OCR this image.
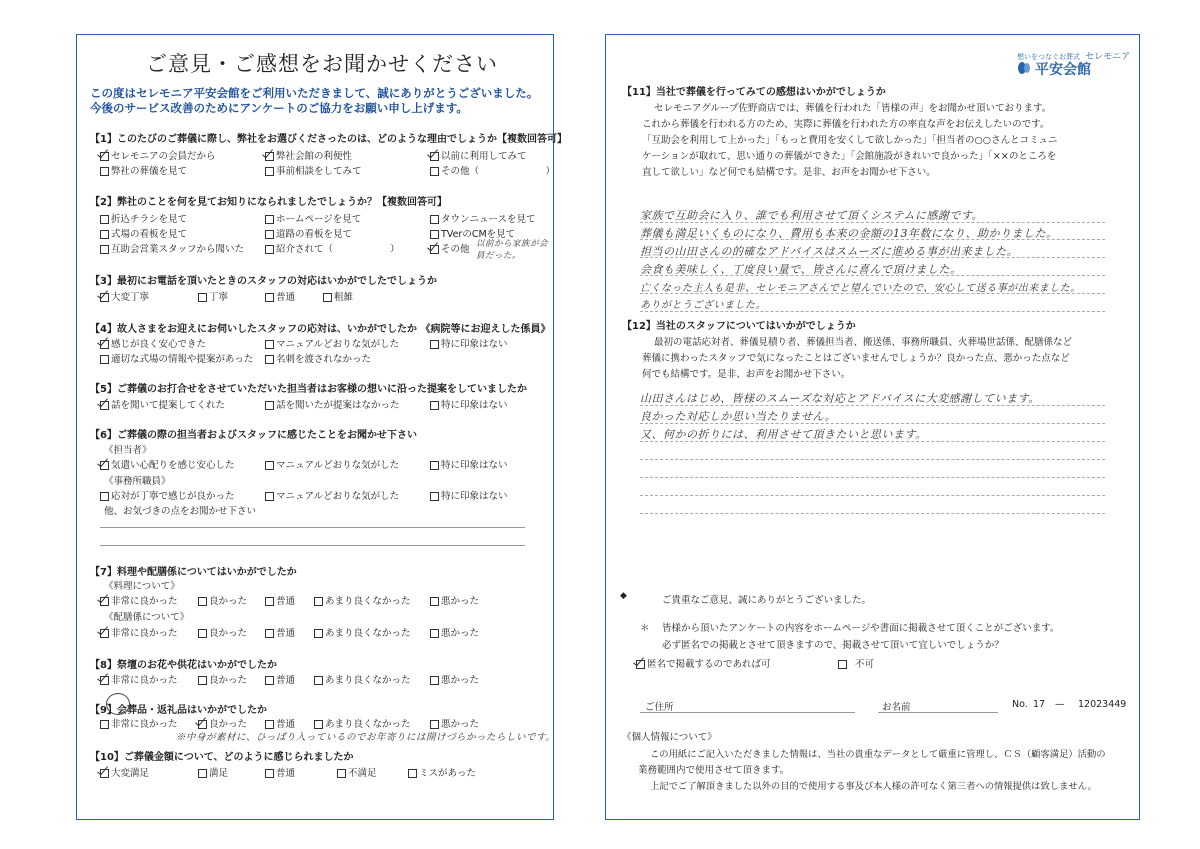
ご意見・ご感想をお聞かせください
この度はセレモニア平安会館をご利用いただきまして、誠にありがとうございました。
今後のサービス改善のためにアンケートのご協力をお願い申し上げます。
【1】このたびのご葬儀に際し、弊社をお選びくださったのは、どのような理由でしょうか【複数回答可】
セレモニアの会員だから	弊社会館の利便性	以前に利用してみて
弊社の葬儀を見て	事前相談をしてみて	その他（　　　　　　　）
【2】弊社のことを何を見てお知りになられましたでしょうか？【複数回答可】
折込チラシを見て	ホームページを見て	タウンニュースを見て
式場の看板を見て	道路の看板を見て	TVerのCMを見て
互助会営業スタッフから聞いた	紹介されて（　　　　　　）	その他 以前から家族が会員だった。
【3】最初にお電話を頂いたときのスタッフの対応はいかがでしたでしょうか
大変丁寧	丁寧	普通	粗雑
【4】故人さまをお迎えにお伺いしたスタッフの応対は、いかがでしたか 《病院等にお迎えした係員》
感じが良く安心できた	マニュアルどおりな気がした	特に印象はない
適切な式場の情報や提案があった	名刺を渡されなかった
【5】ご葬儀のお打合せをさせていただいた担当者はお客様の想いに沿った提案をしていましたか
話を聞いて提案してくれた	話を聞いたが提案はなかった	特に印象はない
【6】ご葬儀の際の担当者およびスタッフに感じたことをお聞かせ下さい
《担当者》
気遣い心配りを感じ安心した	マニュアルどおりな気がした	特に印象はない
《事務所職員》
応対が丁寧で感じが良かった	マニュアルどおりな気がした	特に印象はない
他、お気づきの点をお聞かせ下さい
【7】料理や配膳係についてはいかがでしたか
《料理について》
非常に良かった	良かった	普通	あまり良くなかった	悪かった
《配膳係について》
非常に良かった	良かった	普通	あまり良くなかった	悪かった
【8】祭壇のお花や供花はいかがでしたか
非常に良かった	良かった	普通	あまり良くなかった	悪かった
【9】会葬品・返礼品はいかがでしたか
非常に良かった	良かった	普通	あまり良くなかった	悪かった
※中身が素材に、ひっぱり入っているのでお年寄りには開けづらかったらしいです。
【10】ご葬儀金額について、どのように感じられましたか
大変満足	満足	普通	不満足	ミスがあった
想いをつなぐお葬式 セレモニア
平安会館
【11】当社で葬儀を行ってみての感想はいかがでしょうか
セレモニアグループ佐野商店では、葬儀を行われた「皆様の声」をお聞かせ頂いております。
これから葬儀を行われる方のため、実際に葬儀を行われた方の率直な声をお伝えしたいのです。
「互助会を利用して上かった」「もっと費用を安くして欲しかった」「担当者の○○さんとコミュニ
ケーションが取れて、思い通りの葬儀ができた」「会館施設がきれいで良かった」「××のところを
直して欲しい」など何でも結構です。是非、お声をお聞かせ下さい。
家族で互助会に入り、誰でも利用させて頂くシステムに感謝です。
葬儀も満足いくものになり、費用も本来の金額の13年数になり、助かりました。
担当の山田さんの的確なアドバイスはスムーズに進める事が出来ました。
会食も美味しく、丁度良い量で、皆さんに喜んで頂けました。
亡くなった主人も是非、セレモニアさんでと望んでいたので、安心して送る事が出来ました。
ありがとうございました。
【12】当社のスタッフについてはいかがでしょうか
最初の電話応対者、葬儀見積り者、葬儀担当者、搬送係、事務所職員、火葬場世話係、配膳係など
葬儀に携わったスタッフで気になったことはございませんでしょうか？良かった点、悪かった点など
何でも結構です。是非、お声をお聞かせ下さい。
山田さんはじめ、皆様のスムーズな対応とアドバイスに大変感謝しています。
良かった対応しか思い当たりません。
又、何かの折りには、利用させて頂きたいと思います。
◆	ご貴重なご意見、誠にありがとうございました。
＊ 皆様から頂いたアンケートの内容をホームページや書面に掲載させて頂くことがございます。
必ず匿名での掲載とさせて頂きますので、掲載させて頂いて宜しいでしょうか？
匿名で掲載するのであれば可	不可
ご住所	お名前	No. 17 — 12023449
《個人情報について》
この用紙にご記入いただきました情報は、当社の貴重なデータとして厳重に管理し、ＣＳ（顧客満足）活動の
業務範囲内で使用させて頂きます。
上記でご了解頂きました以外の目的で使用する事及び本人様の許可なく第三者への情報提供は致しません。
